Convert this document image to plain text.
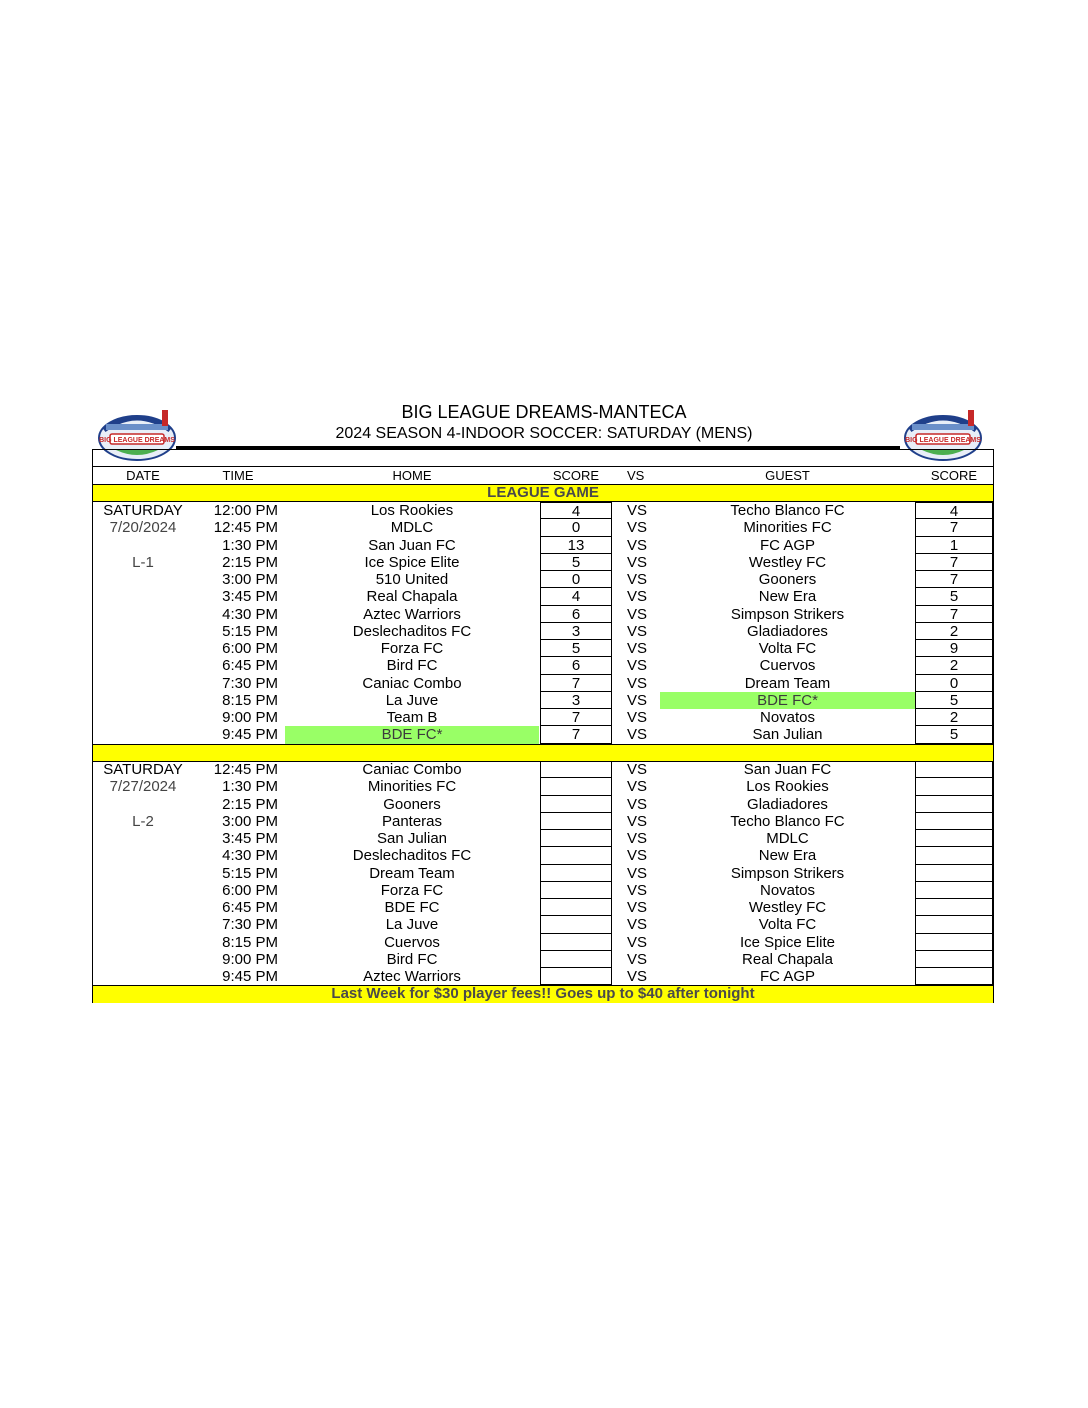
BIG LEAGUE DREAMS	BIG LEAGUE DREAMS
BIG LEAGUE DREAMS-MANTECA
2024 SEASON 4-INDOOR SOCCER: SATURDAY (MENS)
DATE	TIME	HOME	SCORE	VS	GUEST	SCORE
LEAGUE GAME
SATURDAY	12:00 PM	Los Rookies	4	VS	Techo Blanco FC	4
7/20/2024	12:45 PM	MDLC	0	VS	Minorities FC	7
1:30 PM	San Juan FC	13	VS	FC AGP	1
L-1	2:15 PM	Ice Spice Elite	5	VS	Westley FC	7
3:00 PM	510 United	0	VS	Gooners	7
3:45 PM	Real Chapala	4	VS	New Era	5
4:30 PM	Aztec Warriors	6	VS	Simpson Strikers	7
5:15 PM	Deslechaditos FC	3	VS	Gladiadores	2
6:00 PM	Forza FC	5	VS	Volta FC	9
6:45 PM	Bird FC	6	VS	Cuervos	2
7:30 PM	Caniac Combo	7	VS	Dream Team	0
8:15 PM	La Juve	3	VS	BDE FC*	5
9:00 PM	Team B	7	VS	Novatos	2
9:45 PM	BDE FC*	7	VS	San Julian	5
SATURDAY	12:45 PM	Caniac Combo	VS	San Juan FC
7/27/2024	1:30 PM	Minorities FC	VS	Los Rookies
2:15 PM	Gooners	VS	Gladiadores
L-2	3:00 PM	Panteras	VS	Techo Blanco FC
3:45 PM	San Julian	VS	MDLC
4:30 PM	Deslechaditos FC	VS	New Era
5:15 PM	Dream Team	VS	Simpson Strikers
6:00 PM	Forza FC	VS	Novatos
6:45 PM	BDE FC	VS	Westley FC
7:30 PM	La Juve	VS	Volta FC
8:15 PM	Cuervos	VS	Ice Spice Elite
9:00 PM	Bird FC	VS	Real Chapala
9:45 PM	Aztec Warriors	VS	FC AGP
Last Week for $30 player fees!! Goes up to $40 after tonight
